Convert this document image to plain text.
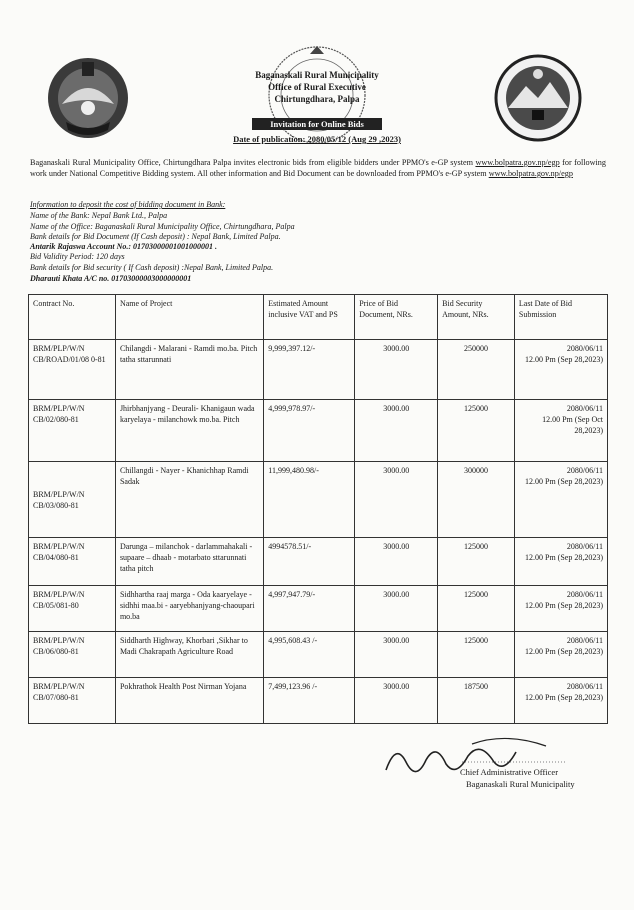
Baganaskali Rural Municipality
Office of Rural Executive
Chirtungdhara, Palpa
Invitation for Online Bids
Date of publication: 2080/05/12 (Aug 29 ,2023)
Baganaskali Rural Municipality Office, Chirtungdhara Palpa invites electronic bids from eligible bidders under PPMO's e-GP system www.bolpatra.gov.np/egp for following work under National Competitive Bidding system. All other information and Bid Document can be downloaded from PPMO's e-GP system www.bolpatra.gov.np/egp
Information to deposit the cost of bidding document in Bank:
Name of the Bank: Nepal Bank Ltd., Palpa
Name of the Office: Baganaskali Rural Municipality Office, Chirtungdhara, Palpa
Bank details for Bid Document (If Cash deposit) : Nepal Bank, Limited Palpa.
Antarik Rajaswa Account No.: 01703000001001000001 .
Bid Validity Period: 120 days
Bank details for Bid security ( If Cash deposit) :Nepal Bank, Limited Palpa.
Dharauti Khata A/C no. 01703000003000000001
Contract No.	Name of Project	Estimated Amount inclusive VAT and PS	Price of Bid Document, NRs.	Bid Security Amount, NRs.	Last Date of Bid Submission
BRM/PLP/W/N CB/ROAD/01/08 0-81	Chilangdi - Malarani - Ramdi mo.ba. Pitch tatha sttarunnati	9,999,397.12/-	3000.00	250000	2080/06/11
12.00 Pm (Sep 28,2023)

BRM/PLP/W/N CB/02/080-81	Jhirbhanjyang - Deurali- Khanigaun wada karyelaya - milanchowk mo.ba. Pitch	4,999,978.97/-	3000.00	125000	2080/06/11
12.00 Pm (Sep Oct 28,2023)

BRM/PLP/W/N CB/03/080-81	Chillangdi - Nayer - Khanichhap Ramdi Sadak	11,999,480.98/-	3000.00	300000	2080/06/11
12.00 Pm (Sep 28,2023)

BRM/PLP/W/N CB/04/080-81	Darunga – milanchok - darlammahakali - supaare – dhaab - motarbato sttarunnati tatha pitch	4994578.51/-	3000.00	125000	2080/06/11
12.00 Pm (Sep 28,2023)

BRM/PLP/W/N CB/05/081-80	Sidhhartha raaj marga - Oda kaaryelaye - sidhhi maa.bi - aaryebhanjyang-chaoupari mo.ba	4,997,947.79/-	3000.00	125000	2080/06/11
12.00 Pm (Sep 28,2023)

BRM/PLP/W/N CB/06/080-81	Siddharth Highway, Khorbari ,Sikhar to Madi Chakrapath Agriculture Road	4,995,608.43 /-	3000.00	125000	2080/06/11
12.00 Pm (Sep 28,2023)

BRM/PLP/W/N CB/07/080-81	Pokhrathok Health Post Nirman Yojana	7,499,123.96 /-	3000.00	187500	2080/06/11
12.00 Pm (Sep 28,2023)
Chief Administrative Officer
Baganaskali Rural Municipality
